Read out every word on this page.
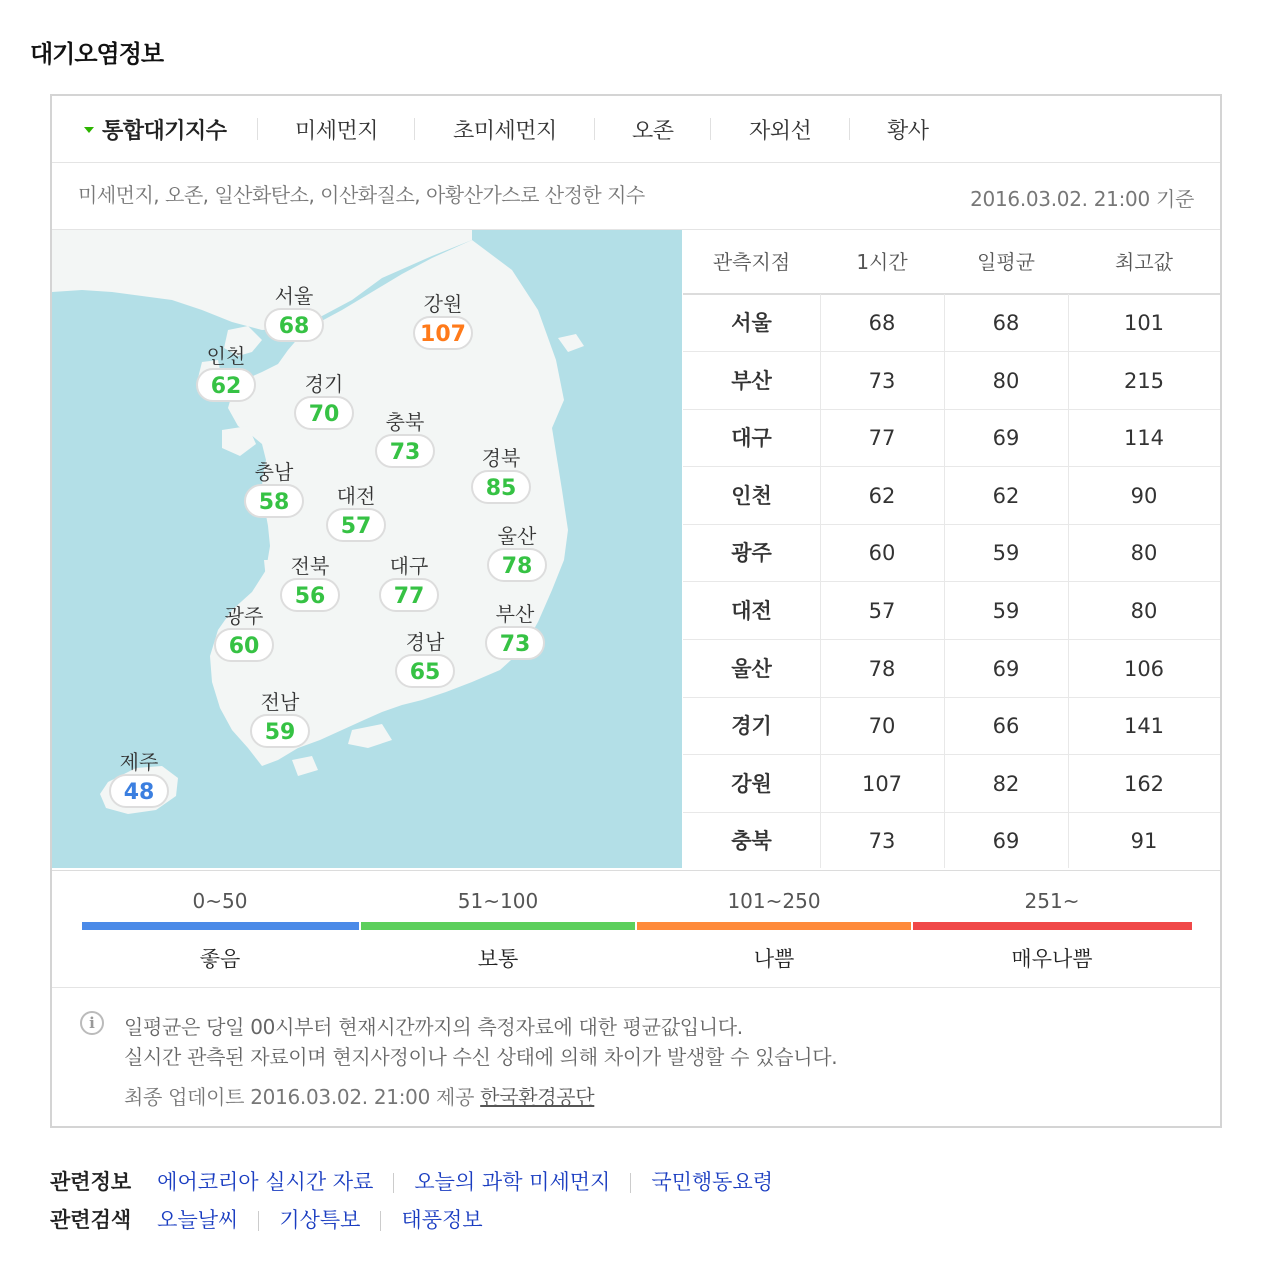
대기오염정보
통합대기지수	미세먼지	초미세먼지	오존	자외선	황사
미세먼지, 오존, 일산화탄소, 이산화질소, 아황산가스로 산정한 지수	2016.03.02. 21:00 기준
서울
68
강원
107
인천
62	경기
70	충북
73	경북
85
충남
58	대전
57	울산
78
전북
56
대구
77
광주
60
부산
73
경남
65
전남
59
제주
48
관측지점	1시간	일평균	최고값
서울	68	68	101
부산	73	80	215
대구	77	69	114
인천	62	62	90
광주	60	59	80
대전	57	59	80
울산	78	69	106
경기	70	66	141
강원	107	82	162
충북	73	69	91
0~50	51~100	101~250	251~
좋음	보통	나쁨	매우나쁨
i	일평균은 당일 00시부터 현재시간까지의 측정자료에 대한 평균값입니다.
실시간 관측된 자료이며 현지사정이나 수신 상태에 의해 차이가 발생할 수 있습니다.
최종 업데이트 2016.03.02. 21:00 제공 한국환경공단
관련정보 에어코리아 실시간 자료 오늘의 과학 미세먼지 국민행동요령
관련검색 오늘날씨 기상특보 태풍정보
